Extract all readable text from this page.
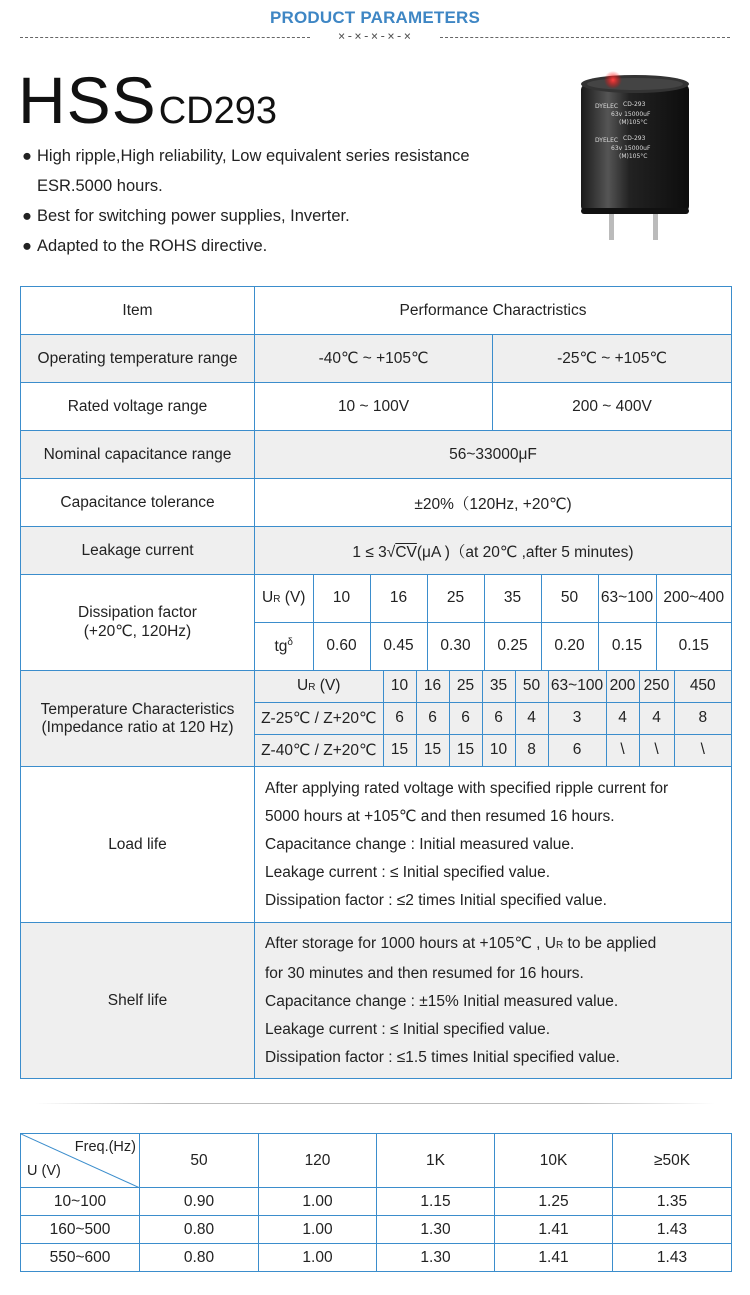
PRODUCT PARAMETERS
×-×-×-×-×
HSSCD293
● High ripple,High reliability, Low equivalent series resistance
ESR.5000 hours.
● Best for switching power supplies, Inverter.
● Adapted to the ROHS directive.
DYELEC CD-293
63v 15000uF
(M)105°C
DYELEC CD-293
63v 15000uF
(M)105°C
Item	Performance Charactristics
Operating temperature range	-40℃ ~ +105℃	-25℃ ~ +105℃
Rated voltage range	10 ~ 100V	200 ~ 400V
Nominal capacitance range	56~33000μF
Capacitance tolerance	±20%（120Hz, +20℃)
Leakage current	1 ≤ 3√CV(μA )（at 20℃ ,after 5 minutes)
Dissipation factor
(+20℃, 120Hz)	
UR (V)	10	16	25	35	50	63~100	200~400
$tg^\delta$	0.60	0.45	0.30	0.25	0.20	0.15	0.15

Temperature Characteristics
(Impedance ratio at 120 Hz)	
UR (V)	10	16	25	35	50	63~100	200	250	450
Z-25℃ / Z+20℃	6	6	6	6	4	3	4	4	8
Z-40℃ / Z+20℃	15	15	15	10	8	6	\	\	\

Load life	
After applying rated voltage with specified ripple current for
5000 hours at +105℃ and then resumed 16 hours.
Capacitance change : Initial measured value.
Leakage current : ≤ Initial specified value.
Dissipation factor : ≤2 times Initial specified value.

Shelf life	
After storage for 1000 hours at +105℃ , UR to be applied
for 30 minutes and then resumed for 16 hours.
Capacitance change : ±15% Initial measured value.
Leakage current : ≤ Initial specified value.
Dissipation factor : ≤1.5 times Initial specified value.
Freq.(Hz)
U (V)	50	120	1K	10K	≥50K
10~100	0.90	1.00	1.15	1.25	1.35
160~500	0.80	1.00	1.30	1.41	1.43
550~600	0.80	1.00	1.30	1.41	1.43
